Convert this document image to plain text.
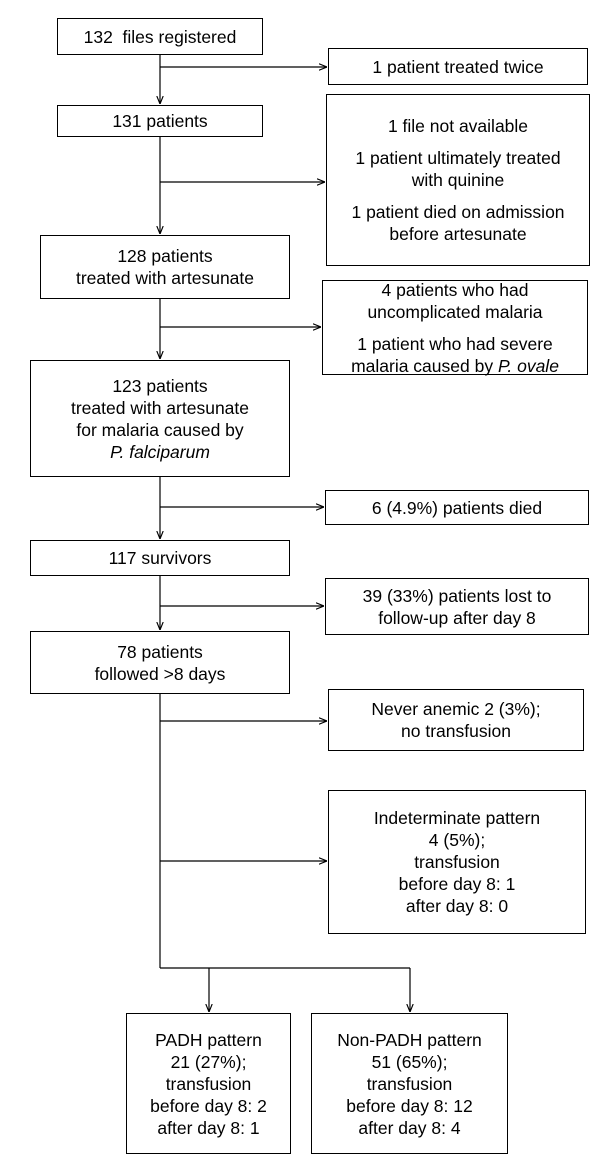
132  files registered
131 patients
128 patients
treated with artesunate
123 patients
treated with artesunate
for malaria caused by
P. falciparum
117 survivors
78 patients
followed >8 days
1 patient treated twice
1 file not available
1 patient ultimately treated
with quinine
1 patient died on admission
before artesunate
4 patients who had
uncomplicated malaria
1 patient who had severe
malaria caused by P. ovale
6 (4.9%) patients died
39 (33%) patients lost to
follow-up after day 8
Never anemic 2 (3%);
no transfusion
Indeterminate pattern
4 (5%);
transfusion
before day 8: 1
after day 8: 0
PADH pattern
21 (27%);
transfusion
before day 8: 2
after day 8: 1
Non-PADH pattern
51 (65%);
transfusion
before day 8: 12
after day 8: 4
